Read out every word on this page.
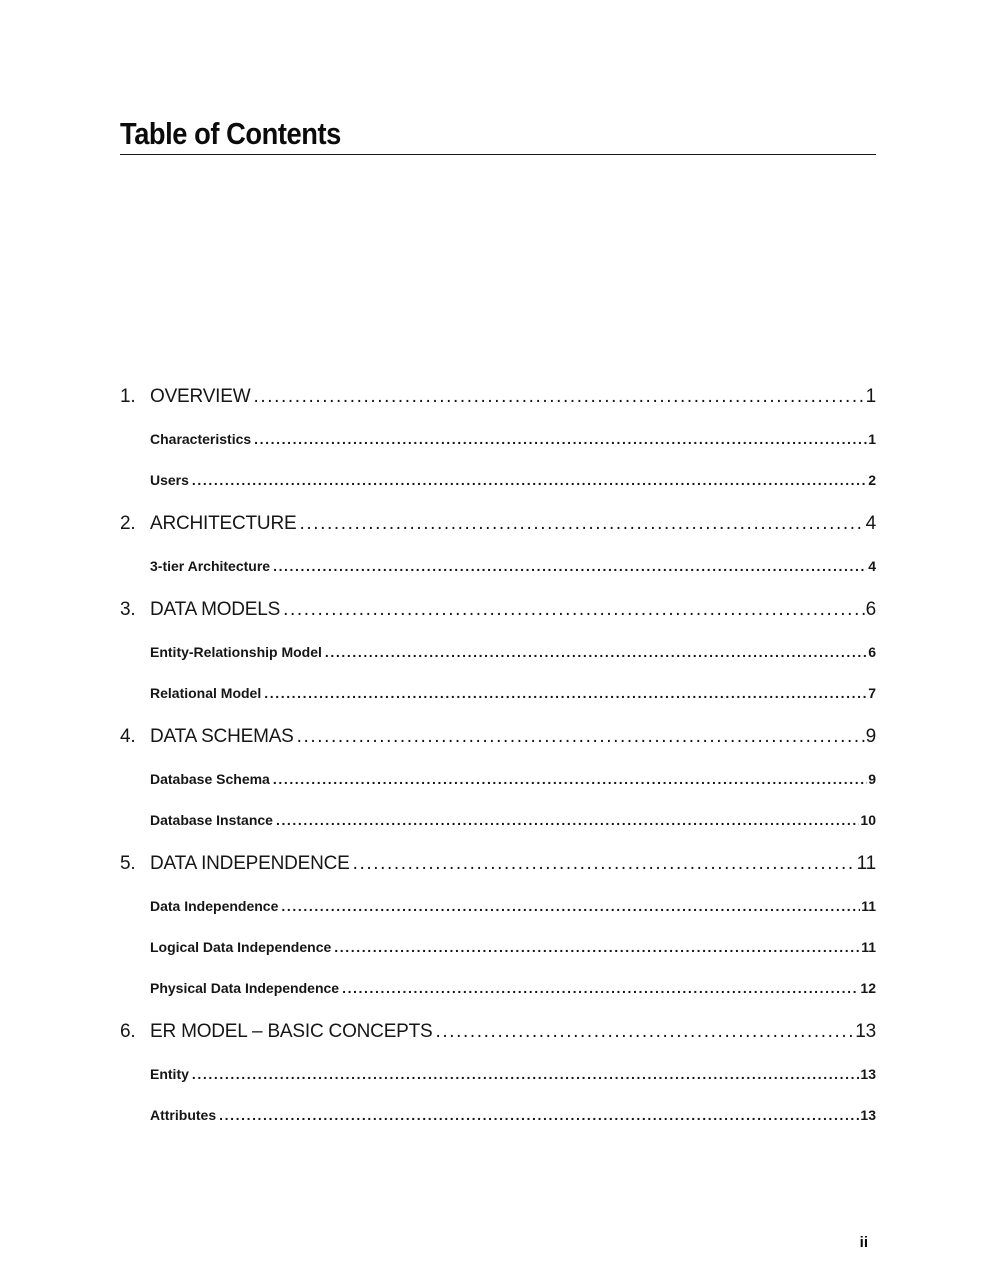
Table of Contents
1. OVERVIEW .....	1
Characteristics .....	1
Users .....	2
2. ARCHITECTURE .....	4
3-tier Architecture .....	4
3. DATA MODELS .....	6
Entity-Relationship Model .....	6
Relational Model .....	7
4. DATA SCHEMAS .....	9
Database Schema .....	9
Database Instance .....	10
5. DATA INDEPENDENCE .....	11
Data Independence .....	11
Logical Data Independence .....	11
Physical Data Independence .....	12
6. ER MODEL – BASIC CONCEPTS .....	13
Entity .....	13
Attributes .....	13
ii
